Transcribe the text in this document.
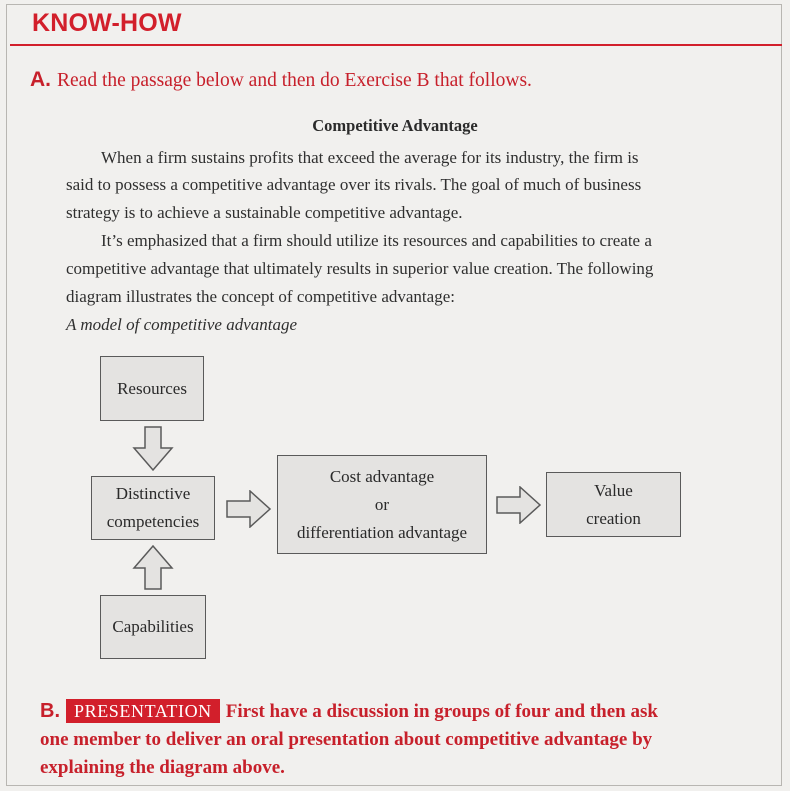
KNOW-HOW
A. Read the passage below and then do Exercise B that follows.
Competitive Advantage
When a firm sustains profits that exceed the average for its industry, the firm is
said to possess a competitive advantage over its rivals. The goal of much of business
strategy is to achieve a sustainable competitive advantage.
It’s emphasized that a firm should utilize its resources and capabilities to create a
competitive advantage that ultimately results in superior value creation. The following
diagram illustrates the concept of competitive advantage:
A model of competitive advantage
Resources
Distinctive
competencies
Capabilities
Cost advantage
or
differentiation advantage
Value
creation
B. PRESENTATION First have a discussion in groups of four and then ask
one member to deliver an oral presentation about competitive advantage by
explaining the diagram above.
